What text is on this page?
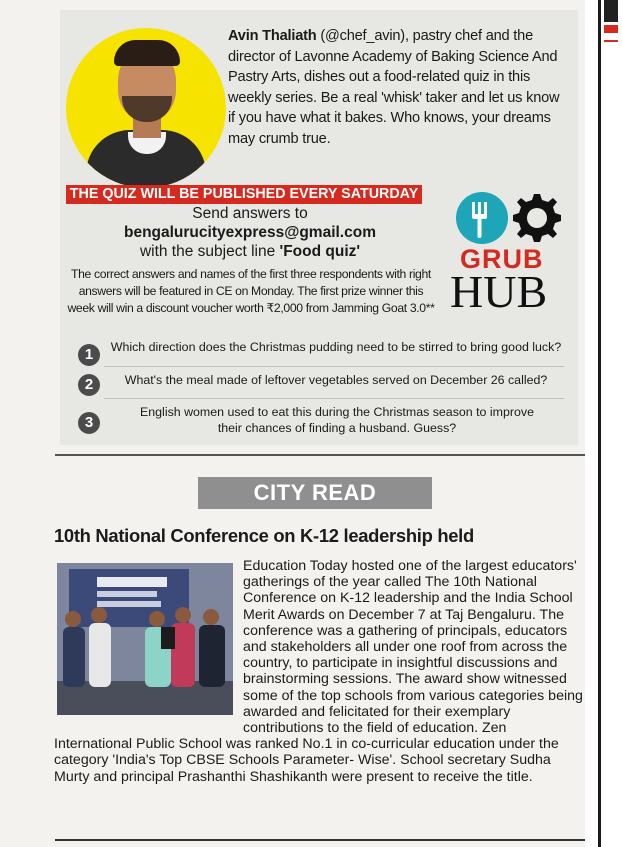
Avin Thaliath (@chef_avin), pastry chef and the director of Lavonne Academy of Baking Science And Pastry Arts, dishes out a food-related quiz in this weekly series. Be a real 'whisk' taker and let us know if you have what it bakes. Who knows, your dreams may crumb true.
THE QUIZ WILL BE PUBLISHED EVERY SATURDAY
Send answers to
bengalurucityexpress@gmail.com
with the subject line 'Food quiz'
The correct answers and names of the first three respondents with right answers will be featured in CE on Monday. The first prize winner this week will win a discount voucher worth ₹2,000 from Jamming Goat 3.0**
GRUB
HUB
1	Which direction does the Christmas pudding need to be stirred to bring good luck?
2	What's the meal made of leftover vegetables served on December 26 called?
3
English women used to eat this during the Christmas season to improve their chances of finding a husband. Guess?
CITY READ
10th National Conference on K-12 leadership held
Education Today hosted one of the largest educators' gatherings of the year called The 10th National Conference on K-12 leadership and the India School Merit Awards on December 7 at Taj Bengaluru. The conference was a gathering of principals, educators and stakeholders all under one roof from across the country, to participate in insightful discussions and brainstorming sessions. The award show witnessed some of the top schools from various categories being awarded and felicitated for their exemplary contributions to the field of education. Zen International Public School was ranked No.1 in co-curricular education under the category 'India's Top CBSE Schools Parameter- Wise'. School secretary Sudha Murty and principal Prashanthi Shashikanth were present to receive the title.
